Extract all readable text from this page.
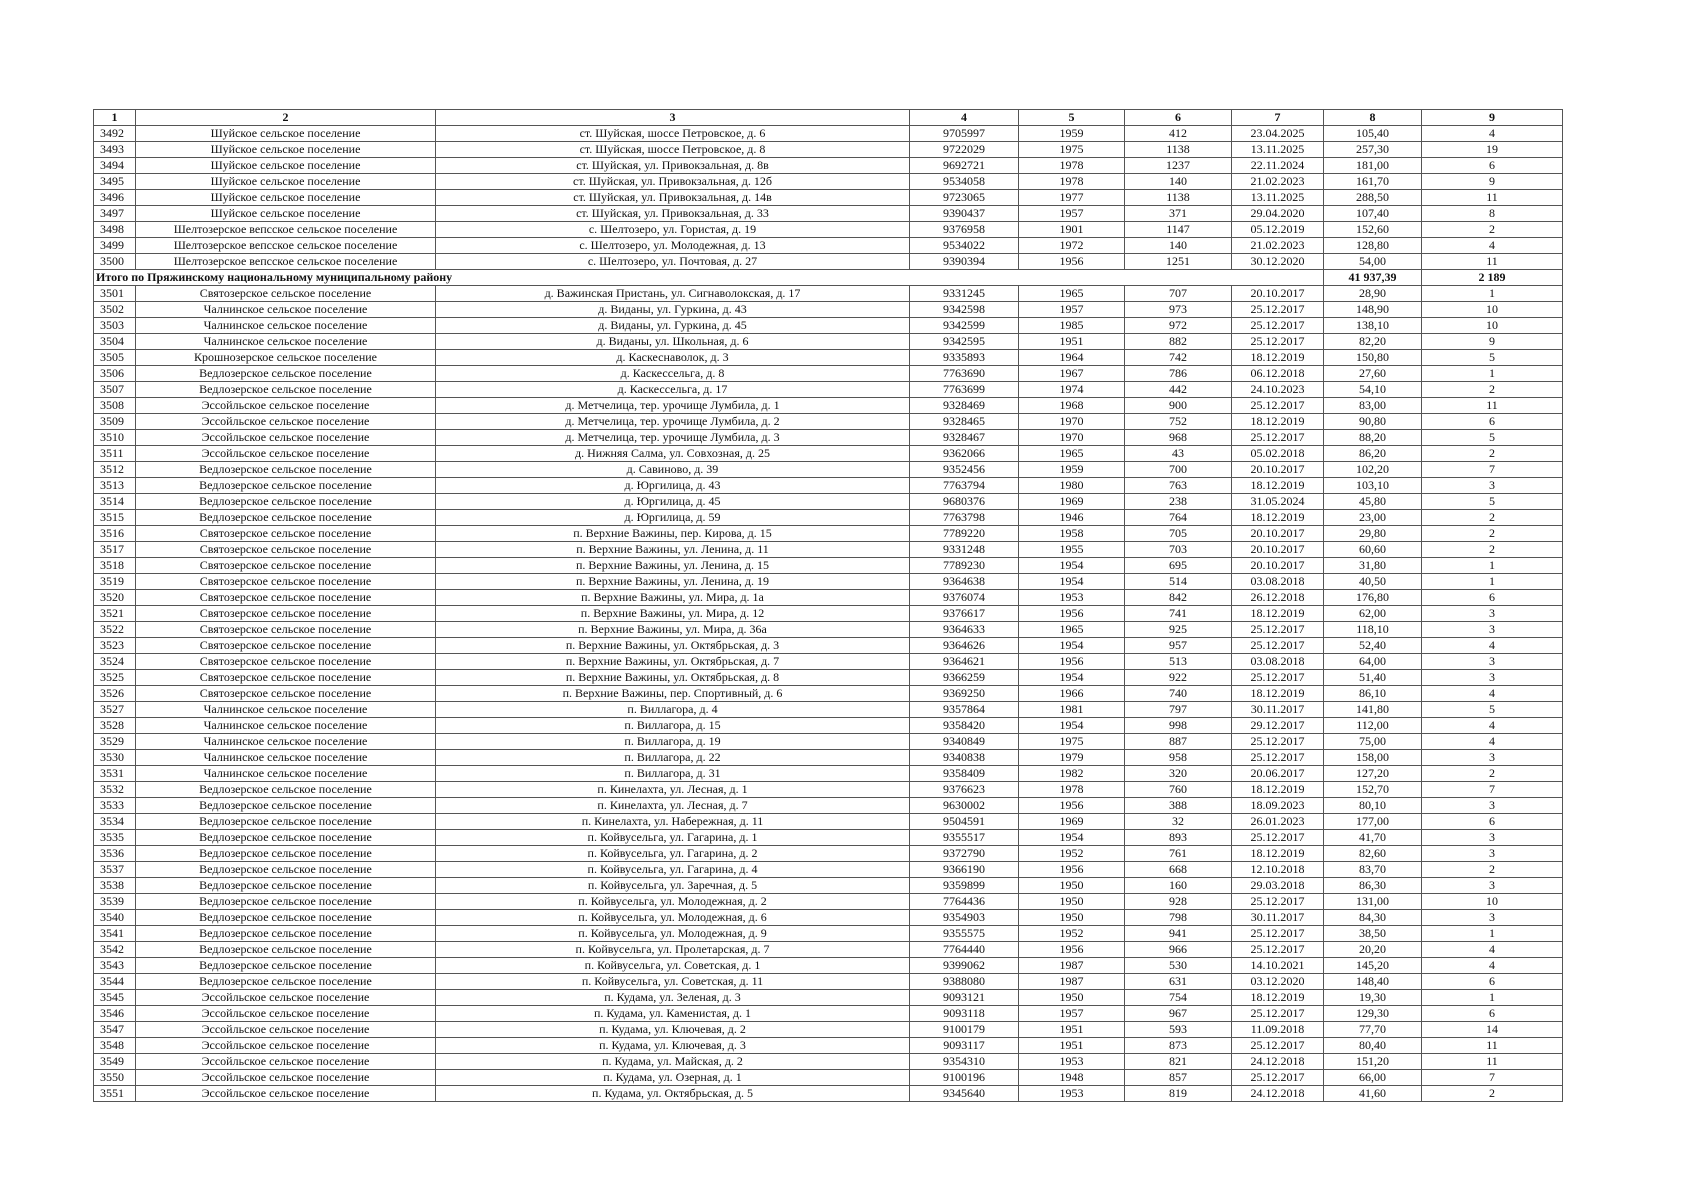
1	2	3	4	5	6	7	8	9
3492	Шуйское сельское поселение	ст. Шуйская, шоссе Петровское, д. 6	9705997	1959	412	23.04.2025	105,40	4
3493	Шуйское сельское поселение	ст. Шуйская, шоссе Петровское, д. 8	9722029	1975	1138	13.11.2025	257,30	19
3494	Шуйское сельское поселение	ст. Шуйская, ул. Привокзальная, д. 8в	9692721	1978	1237	22.11.2024	181,00	6
3495	Шуйское сельское поселение	ст. Шуйская, ул. Привокзальная, д. 12б	9534058	1978	140	21.02.2023	161,70	9
3496	Шуйское сельское поселение	ст. Шуйская, ул. Привокзальная, д. 14в	9723065	1977	1138	13.11.2025	288,50	11
3497	Шуйское сельское поселение	ст. Шуйская, ул. Привокзальная, д. 33	9390437	1957	371	29.04.2020	107,40	8
3498	Шелтозерское вепсское сельское поселение	с. Шелтозеро, ул. Гористая, д. 19	9376958	1901	1147	05.12.2019	152,60	2
3499	Шелтозерское вепсское сельское поселение	с. Шелтозеро, ул. Молодежная, д. 13	9534022	1972	140	21.02.2023	128,80	4
3500	Шелтозерское вепсское сельское поселение	с. Шелтозеро, ул. Почтовая, д. 27	9390394	1956	1251	30.12.2020	54,00	11
Итого по Пряжинскому национальному муниципальному району							41 937,39	2 189
3501	Святозерское сельское поселение	д. Важинская Пристань, ул. Сигнаволокская, д. 17	9331245	1965	707	20.10.2017	28,90	1
3502	Чалнинское сельское поселение	д. Виданы, ул. Гуркина, д. 43	9342598	1957	973	25.12.2017	148,90	10
3503	Чалнинское сельское поселение	д. Виданы, ул. Гуркина, д. 45	9342599	1985	972	25.12.2017	138,10	10
3504	Чалнинское сельское поселение	д. Виданы, ул. Школьная, д. 6	9342595	1951	882	25.12.2017	82,20	9
3505	Крошнозерское сельское поселение	д. Каскеснаволок, д. 3	9335893	1964	742	18.12.2019	150,80	5
3506	Ведлозерское сельское поселение	д. Каскессельга, д. 8	7763690	1967	786	06.12.2018	27,60	1
3507	Ведлозерское сельское поселение	д. Каскессельга, д. 17	7763699	1974	442	24.10.2023	54,10	2
3508	Эссойльское сельское поселение	д. Метчелица, тер. урочище Лумбила, д. 1	9328469	1968	900	25.12.2017	83,00	11
3509	Эссойльское сельское поселение	д. Метчелица, тер. урочище Лумбила, д. 2	9328465	1970	752	18.12.2019	90,80	6
3510	Эссойльское сельское поселение	д. Метчелица, тер. урочище Лумбила, д. 3	9328467	1970	968	25.12.2017	88,20	5
3511	Эссойльское сельское поселение	д. Нижняя Салма, ул. Совхозная, д. 25	9362066	1965	43	05.02.2018	86,20	2
3512	Ведлозерское сельское поселение	д. Савиново, д. 39	9352456	1959	700	20.10.2017	102,20	7
3513	Ведлозерское сельское поселение	д. Юргилица, д. 43	7763794	1980	763	18.12.2019	103,10	3
3514	Ведлозерское сельское поселение	д. Юргилица, д. 45	9680376	1969	238	31.05.2024	45,80	5
3515	Ведлозерское сельское поселение	д. Юргилица, д. 59	7763798	1946	764	18.12.2019	23,00	2
3516	Святозерское сельское поселение	п. Верхние Важины, пер. Кирова, д. 15	7789220	1958	705	20.10.2017	29,80	2
3517	Святозерское сельское поселение	п. Верхние Важины, ул. Ленина, д. 11	9331248	1955	703	20.10.2017	60,60	2
3518	Святозерское сельское поселение	п. Верхние Важины, ул. Ленина, д. 15	7789230	1954	695	20.10.2017	31,80	1
3519	Святозерское сельское поселение	п. Верхние Важины, ул. Ленина, д. 19	9364638	1954	514	03.08.2018	40,50	1
3520	Святозерское сельское поселение	п. Верхние Важины, ул. Мира, д. 1а	9376074	1953	842	26.12.2018	176,80	6
3521	Святозерское сельское поселение	п. Верхние Важины, ул. Мира, д. 12	9376617	1956	741	18.12.2019	62,00	3
3522	Святозерское сельское поселение	п. Верхние Важины, ул. Мира, д. 36а	9364633	1965	925	25.12.2017	118,10	3
3523	Святозерское сельское поселение	п. Верхние Важины, ул. Октябрьская, д. 3	9364626	1954	957	25.12.2017	52,40	4
3524	Святозерское сельское поселение	п. Верхние Важины, ул. Октябрьская, д. 7	9364621	1956	513	03.08.2018	64,00	3
3525	Святозерское сельское поселение	п. Верхние Важины, ул. Октябрьская, д. 8	9366259	1954	922	25.12.2017	51,40	3
3526	Святозерское сельское поселение	п. Верхние Важины, пер. Спортивный, д. 6	9369250	1966	740	18.12.2019	86,10	4
3527	Чалнинское сельское поселение	п. Виллагора, д. 4	9357864	1981	797	30.11.2017	141,80	5
3528	Чалнинское сельское поселение	п. Виллагора, д. 15	9358420	1954	998	29.12.2017	112,00	4
3529	Чалнинское сельское поселение	п. Виллагора, д. 19	9340849	1975	887	25.12.2017	75,00	4
3530	Чалнинское сельское поселение	п. Виллагора, д. 22	9340838	1979	958	25.12.2017	158,00	3
3531	Чалнинское сельское поселение	п. Виллагора, д. 31	9358409	1982	320	20.06.2017	127,20	2
3532	Ведлозерское сельское поселение	п. Кинелахта, ул. Лесная, д. 1	9376623	1978	760	18.12.2019	152,70	7
3533	Ведлозерское сельское поселение	п. Кинелахта, ул. Лесная, д. 7	9630002	1956	388	18.09.2023	80,10	3
3534	Ведлозерское сельское поселение	п. Кинелахта, ул. Набережная, д. 11	9504591	1969	32	26.01.2023	177,00	6
3535	Ведлозерское сельское поселение	п. Койвусельга, ул. Гагарина, д. 1	9355517	1954	893	25.12.2017	41,70	3
3536	Ведлозерское сельское поселение	п. Койвусельга, ул. Гагарина, д. 2	9372790	1952	761	18.12.2019	82,60	3
3537	Ведлозерское сельское поселение	п. Койвусельга, ул. Гагарина, д. 4	9366190	1956	668	12.10.2018	83,70	2
3538	Ведлозерское сельское поселение	п. Койвусельга, ул. Заречная, д. 5	9359899	1950	160	29.03.2018	86,30	3
3539	Ведлозерское сельское поселение	п. Койвусельга, ул. Молодежная, д. 2	7764436	1950	928	25.12.2017	131,00	10
3540	Ведлозерское сельское поселение	п. Койвусельга, ул. Молодежная, д. 6	9354903	1950	798	30.11.2017	84,30	3
3541	Ведлозерское сельское поселение	п. Койвусельга, ул. Молодежная, д. 9	9355575	1952	941	25.12.2017	38,50	1
3542	Ведлозерское сельское поселение	п. Койвусельга, ул. Пролетарская, д. 7	7764440	1956	966	25.12.2017	20,20	4
3543	Ведлозерское сельское поселение	п. Койвусельга, ул. Советская, д. 1	9399062	1987	530	14.10.2021	145,20	4
3544	Ведлозерское сельское поселение	п. Койвусельга, ул. Советская, д. 11	9388080	1987	631	03.12.2020	148,40	6
3545	Эссойльское сельское поселение	п. Кудама, ул. Зеленая, д. 3	9093121	1950	754	18.12.2019	19,30	1
3546	Эссойльское сельское поселение	п. Кудама, ул. Каменистая, д. 1	9093118	1957	967	25.12.2017	129,30	6
3547	Эссойльское сельское поселение	п. Кудама, ул. Ключевая, д. 2	9100179	1951	593	11.09.2018	77,70	14
3548	Эссойльское сельское поселение	п. Кудама, ул. Ключевая, д. 3	9093117	1951	873	25.12.2017	80,40	11
3549	Эссойльское сельское поселение	п. Кудама, ул. Майская, д. 2	9354310	1953	821	24.12.2018	151,20	11
3550	Эссойльское сельское поселение	п. Кудама, ул. Озерная, д. 1	9100196	1948	857	25.12.2017	66,00	7
3551	Эссойльское сельское поселение	п. Кудама, ул. Октябрьская, д. 5	9345640	1953	819	24.12.2018	41,60	2
